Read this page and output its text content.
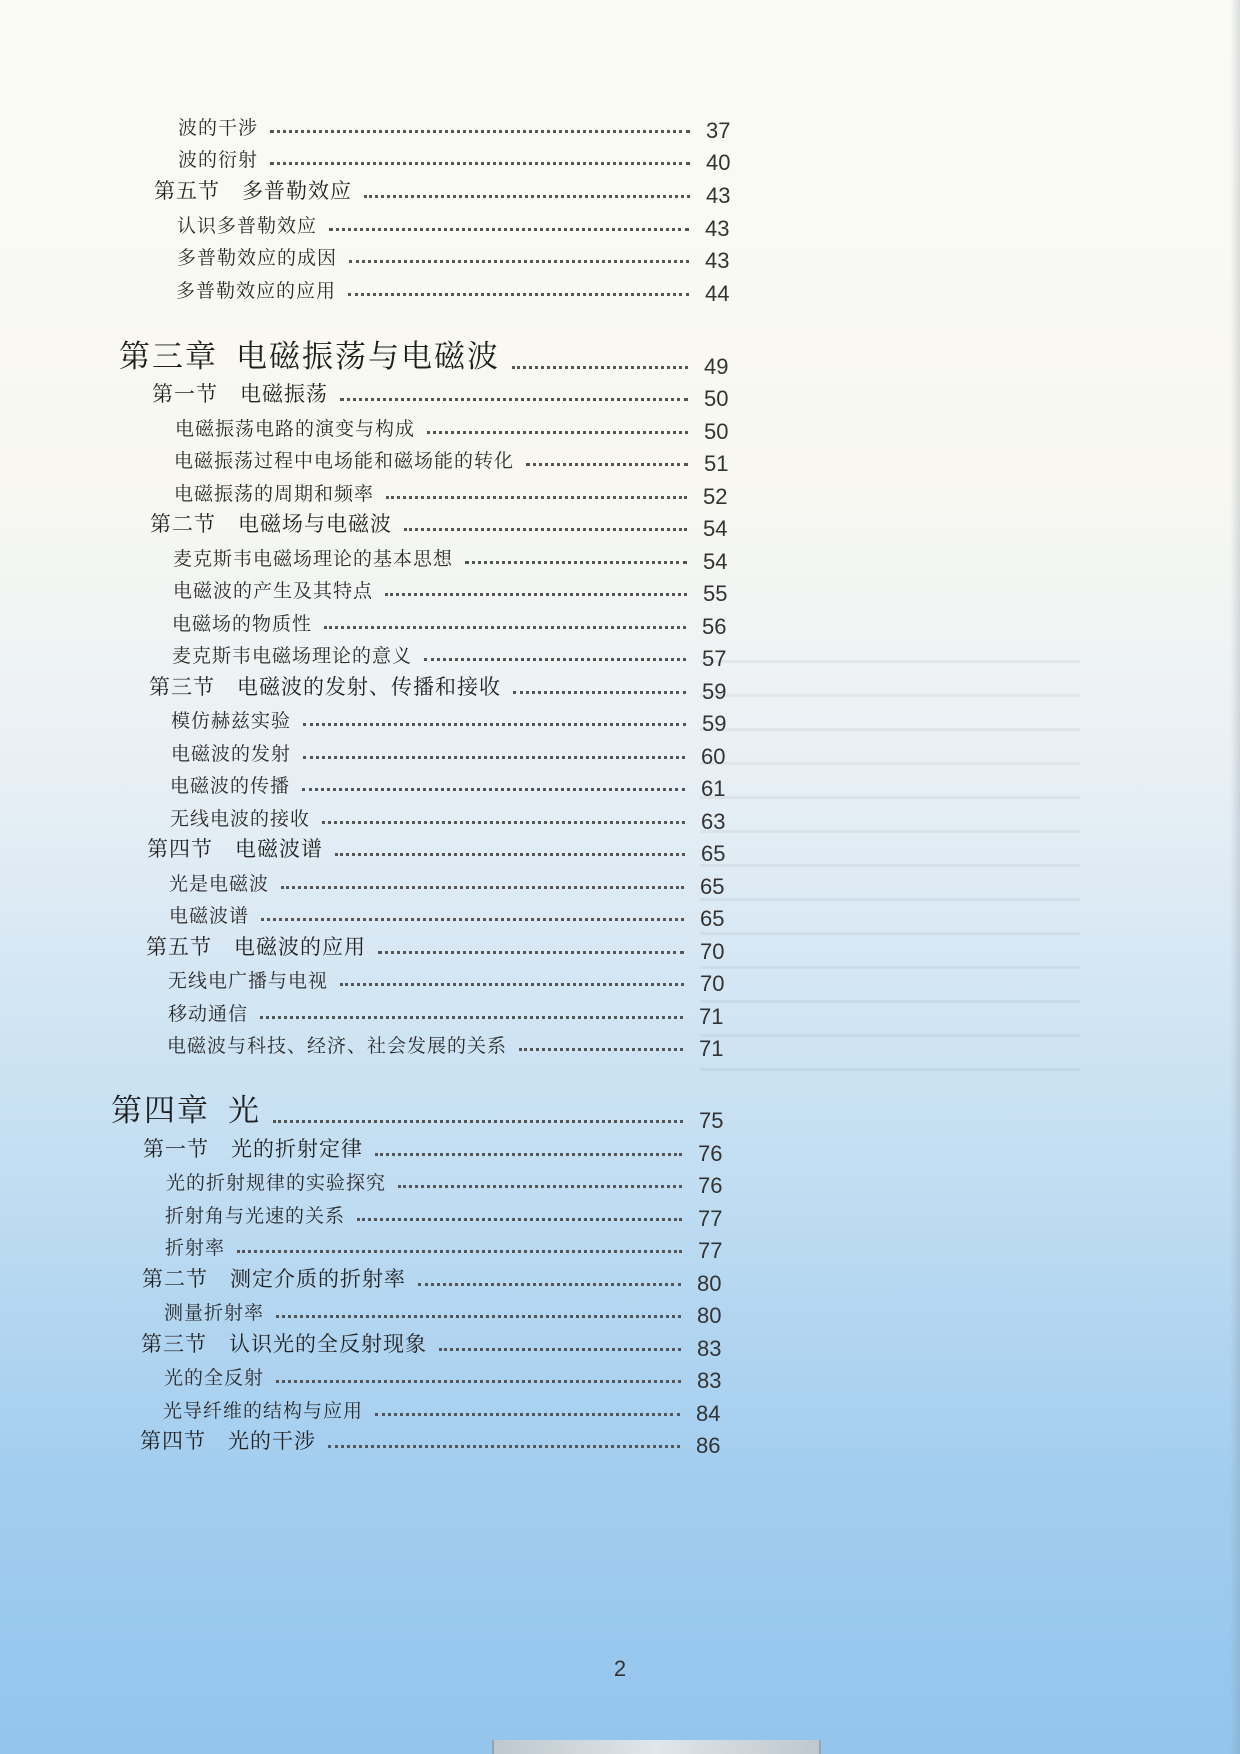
波的干涉	37
波的衍射	40
第五节 多普勒效应	43
认识多普勒效应	43
多普勒效应的成因	43
多普勒效应的应用	44
第三章 电磁振荡与电磁波	49
第一节 电磁振荡	50
电磁振荡电路的演变与构成	50
电磁振荡过程中电场能和磁场能的转化	51
电磁振荡的周期和频率	52
第二节 电磁场与电磁波	54
麦克斯韦电磁场理论的基本思想	54
电磁波的产生及其特点	55
电磁场的物质性	56
麦克斯韦电磁场理论的意义	57
第三节 电磁波的发射、传播和接收	59
模仿赫兹实验	59
电磁波的发射	60
电磁波的传播	61
无线电波的接收	63
第四节 电磁波谱	65
光是电磁波	65
电磁波谱	65
第五节 电磁波的应用	70
无线电广播与电视	70
移动通信	71
电磁波与科技、经济、社会发展的关系	71
第四章 光	75
第一节 光的折射定律	76
光的折射规律的实验探究	76
折射角与光速的关系	77
折射率	77
第二节 测定介质的折射率	80
测量折射率	80
第三节 认识光的全反射现象	83
光的全反射	83
光导纤维的结构与应用	84
第四节 光的干涉	86
2
